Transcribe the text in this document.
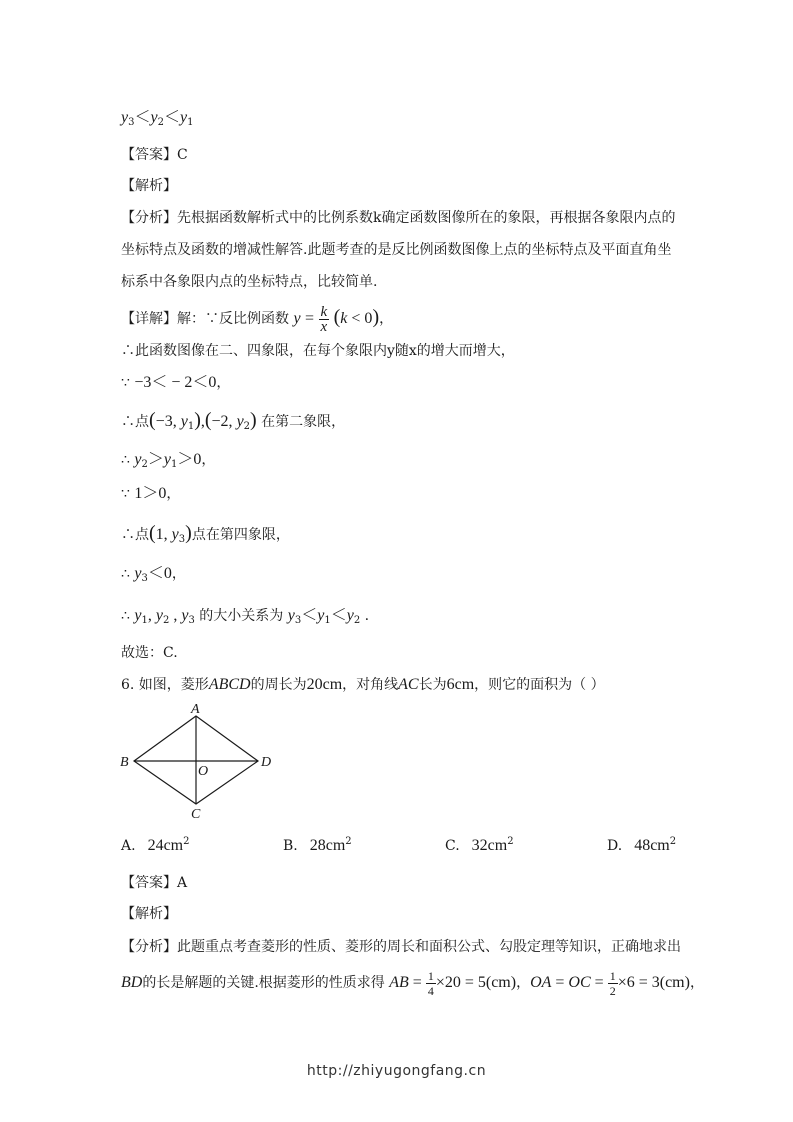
$y_3<y_2<y_1$
【答案】C
【解析】
【分析】先根据函数解析式中的比例系数k确定函数图像所在的象限，再根据各象限内点的
坐标特点及函数的增减性解答.此题考查的是反比例函数图像上点的坐标特点及平面直角坐
标系中各象限内点的坐标特点，比较简单.
【详解】解：∵反比例函数 $y = \frac{k}{x} (k < 0)$，
∴此函数图像在二、四象限，在每个象限内y随x的增大而增大，
∵ −3＜ − 2＜0，
∴点(−3, $y_1),(-2$, $y_2$) 在第二象限，
∴ $y_2>y_1>0$，
∵ 1＞0，
∴点(1, $y_3$)点在第四象限，
∴ $y_3<0$，
∴ $y_1$, $y_2$ , $y_3$ 的大小关系为 $y_3<y_1<y_2$ .
故选：C.
6. 如图，菱形ABCD的周长为20cm，对角线AC长为6cm，则它的面积为（ ）
A
B
C
D
O
A. $24cm^2$	B. $28cm^2$	C. $32cm^2$	D. $48cm^2$
【答案】A
【解析】
【分析】此题重点考查菱形的性质、菱形的周长和面积公式、勾股定理等知识，正确地求出
BD的长是解题的关键.根据菱形的性质求得 AB = $\frac{1}{4} \times 20 = 5(cm)$，OA = OC = $\frac{1}{2} \times 6 = 3(cm)$，
http://zhiyugongfang.cn
